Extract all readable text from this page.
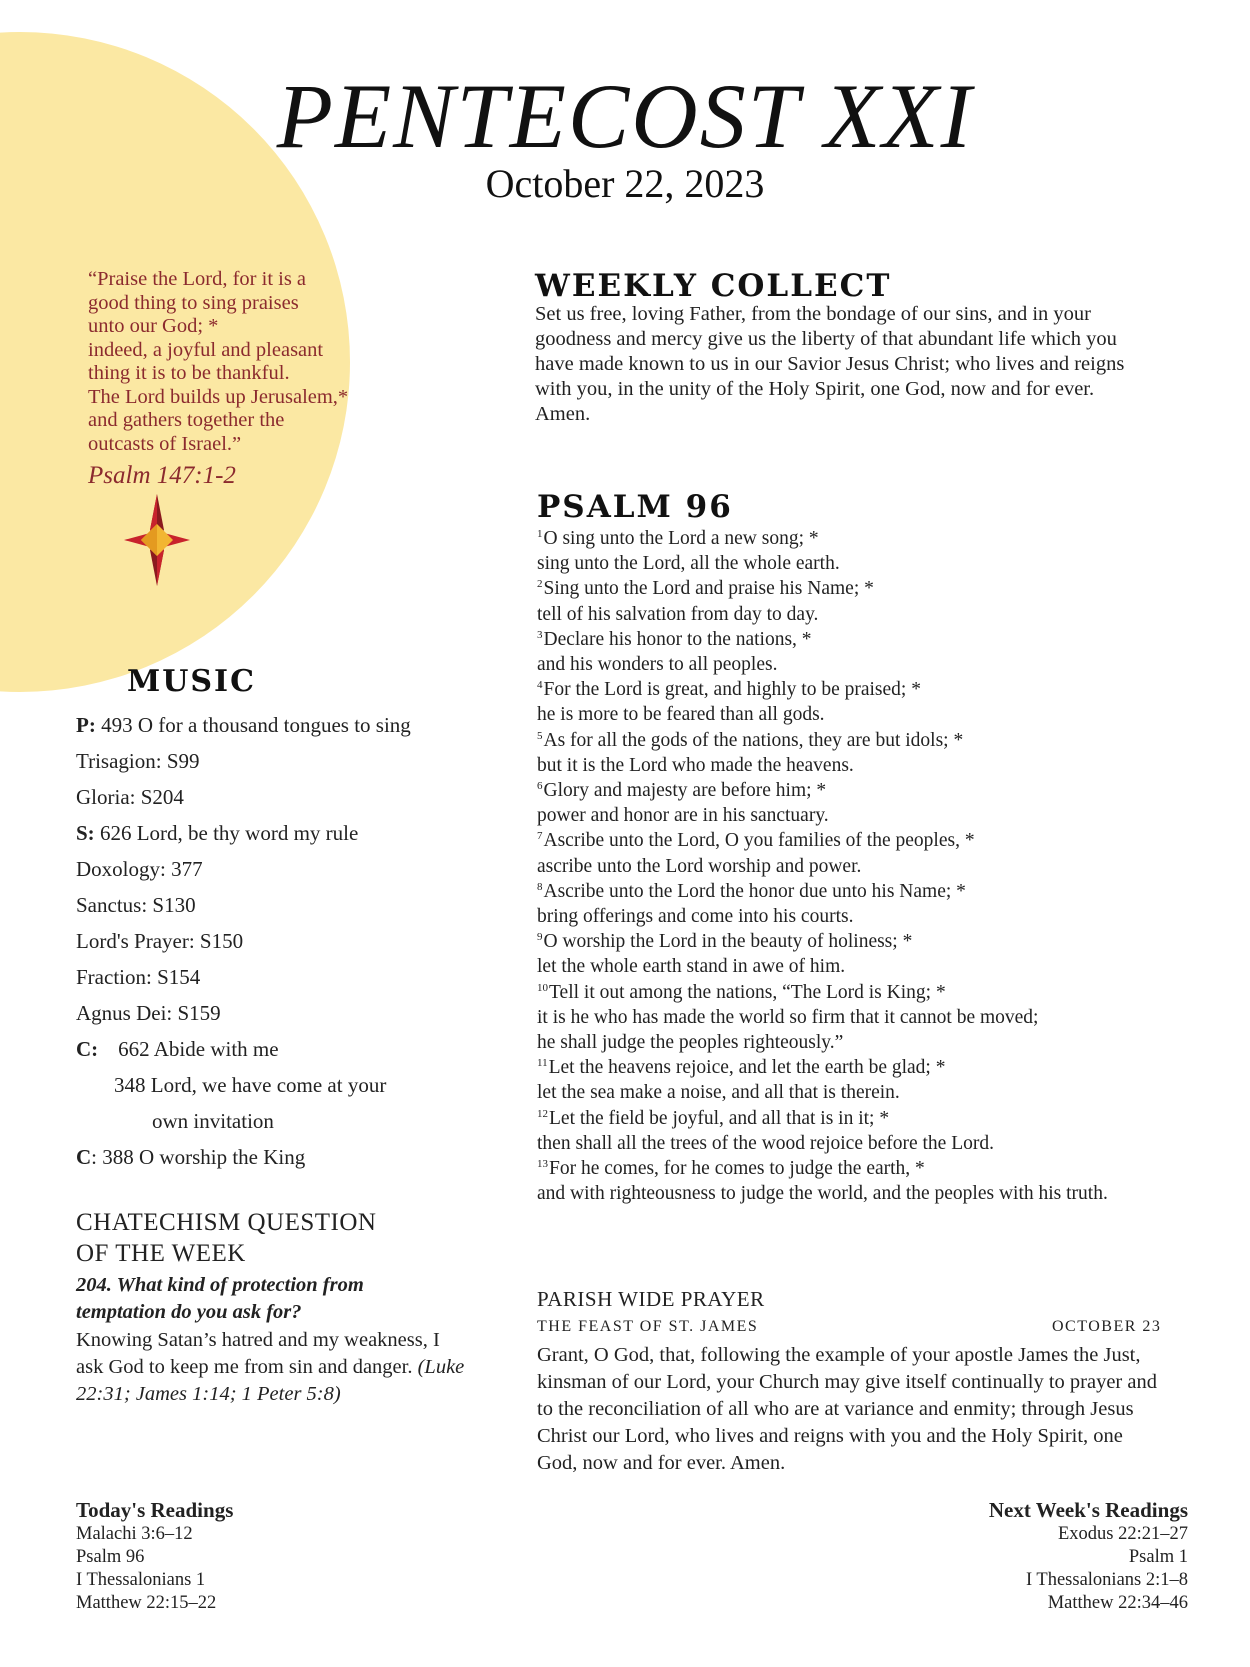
PENTECOST XXI
October 22, 2023
“Praise the Lord, for it is a
good thing to sing praises
unto our God; *
indeed, a joyful and pleasant
thing it is to be thankful.
The Lord builds up Jerusalem,*
and gathers together the
outcasts of Israel.”
Psalm 147:1-2
MUSIC
P: 493 O for a thousand tongues to sing
Trisagion: S99
Gloria: S204
S: 626 Lord, be thy word my rule
Doxology: 377
Sanctus: S130
Lord's Prayer: S150
Fraction: S154
Agnus Dei: S159
C: 662 Abide with me
348 Lord, we have come at your
own invitation
C: 388 O worship the King
CHATECHISM QUESTION
OF THE WEEK
204. What kind of protection from
temptation do you ask for?
Knowing Satan’s hatred and my weakness, I
ask God to keep me from sin and danger. (Luke
22:31; James 1:14; 1 Peter 5:8)
WEEKLY COLLECT
Set us free, loving Father, from the bondage of our sins, and in your
goodness and mercy give us the liberty of that abundant life which you
have made known to us in our Savior Jesus Christ; who lives and reigns
with you, in the unity of the Holy Spirit, one God, now and for ever.
Amen.
PSALM 96
$^1$O sing unto the Lord a new song; *
sing unto the Lord, all the whole earth.
$^2$Sing unto the Lord and praise his Name; *
tell of his salvation from day to day.
$^3$Declare his honor to the nations, *
and his wonders to all peoples.
$^4$For the Lord is great, and highly to be praised; *
he is more to be feared than all gods.
$^5$As for all the gods of the nations, they are but idols; *
but it is the Lord who made the heavens.
$^6$Glory and majesty are before him; *
power and honor are in his sanctuary.
$^7$Ascribe unto the Lord, O you families of the peoples, *
ascribe unto the Lord worship and power.
$^8$Ascribe unto the Lord the honor due unto his Name; *
bring offerings and come into his courts.
$^9$O worship the Lord in the beauty of holiness; *
let the whole earth stand in awe of him.
$^{10}$Tell it out among the nations, “The Lord is King; *
it is he who has made the world so firm that it cannot be moved;
he shall judge the peoples righteously.”
$^{11}$Let the heavens rejoice, and let the earth be glad; *
let the sea make a noise, and all that is therein.
$^{12}$Let the field be joyful, and all that is in it; *
then shall all the trees of the wood rejoice before the Lord.
$^{13}$For he comes, for he comes to judge the earth, *
and with righteousness to judge the world, and the peoples with his truth.
PARISH WIDE PRAYER
THE FEAST OF ST. JAMES	OCTOBER 23
Grant, O God, that, following the example of your apostle James the Just,
kinsman of our Lord, your Church may give itself continually to prayer and
to the reconciliation of all who are at variance and enmity; through Jesus
Christ our Lord, who lives and reigns with you and the Holy Spirit, one
God, now and for ever. Amen.
Today's Readings
Malachi 3:6–12
Psalm 96
I Thessalonians 1
Matthew 22:15–22
Next Week's Readings
Exodus 22:21–27
Psalm 1
I Thessalonians 2:1–8
Matthew 22:34–46
